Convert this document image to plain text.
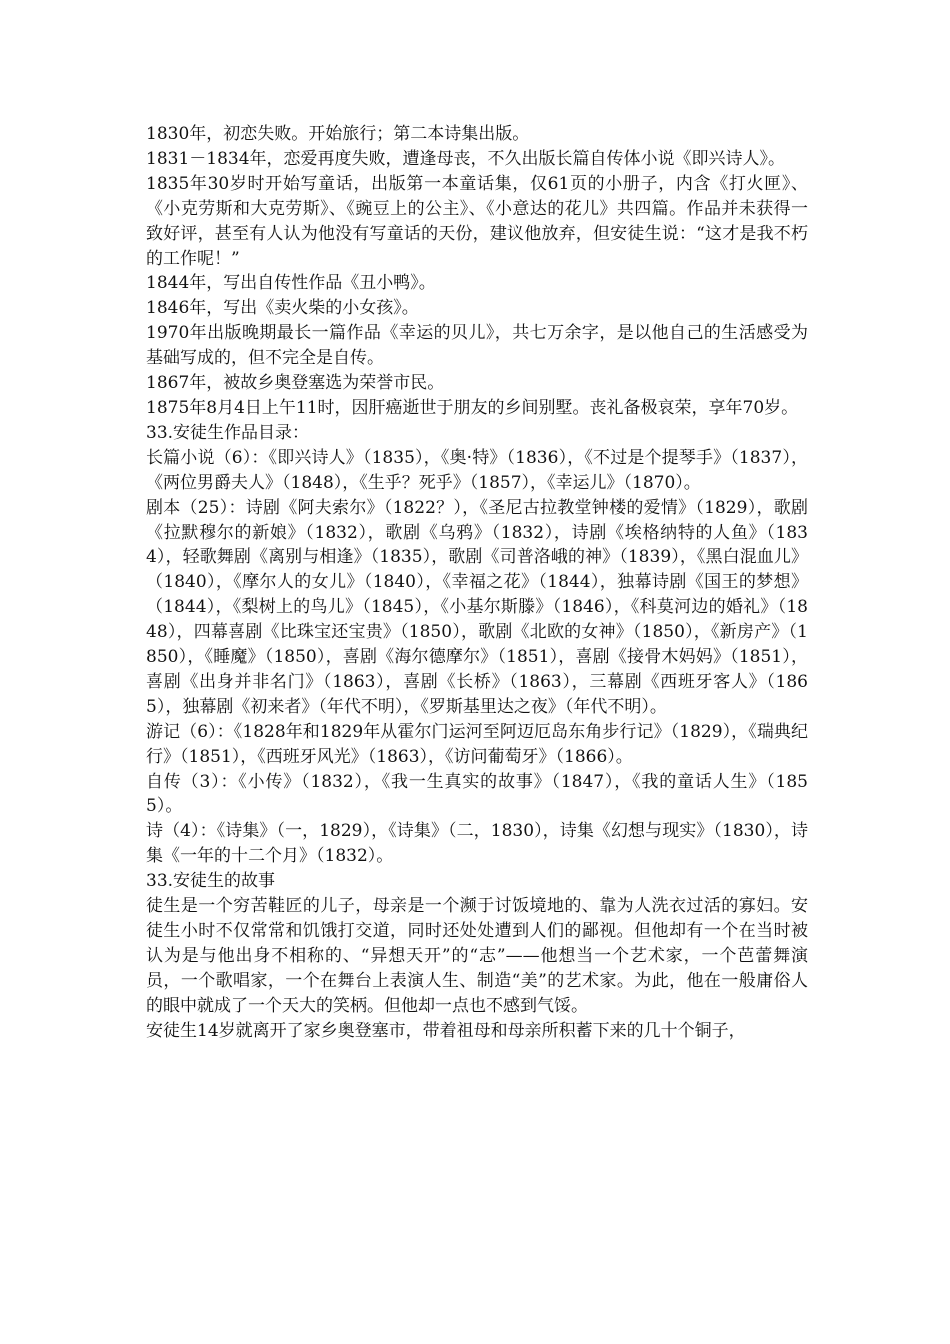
1830年，初恋失败。开始旅行；第二本诗集出版。

1831－1834年，恋爱再度失败，遭逢母丧，不久出版长篇自传体小说《即兴诗人》。

1835年30岁时开始写童话，出版第一本童话集，仅61页的小册子，内含《打火匣》、《小克劳斯和大克劳斯》、《豌豆上的公主》、《小意达的花儿》共四篇。作品并未获得一致好评，甚至有人认为他没有写童话的天份，建议他放弃，但安徒生说：“这才是我不朽的工作呢！”

1844年，写出自传性作品《丑小鸭》。

1846年，写出《卖火柴的小女孩》。

1970年出版晚期最长一篇作品《幸运的贝儿》，共七万余字，是以他自己的生活感受为基础写成的，但不完全是自传。

1867年，被故乡奥登塞选为荣誉市民。

1875年8月4日上午11时，因肝癌逝世于朋友的乡间别墅。丧礼备极哀荣，享年70岁。

33.安徒生作品目录：

长篇小说（6）：《即兴诗人》（1835），《奥·特》（1836），《不过是个提琴手》（1837），《两位男爵夫人》（1848），《生乎？死乎》（1857），《幸运儿》（1870）。

剧本（25）：诗剧《阿夫索尔》（1822？），《圣尼古拉教堂钟楼的爱情》（1829），歌剧《拉默穆尔的新娘》（1832），歌剧《乌鸦》（1832），诗剧《埃格纳特的人鱼》（1834），轻歌舞剧《离别与相逢》（1835），歌剧《司普洛峨的神》（1839），《黑白混血儿》（1840），《摩尔人的女儿》（1840），《幸福之花》（1844），独幕诗剧《国王的梦想》（1844），《梨树上的鸟儿》（1845），《小基尔斯滕》（1846），《科莫河边的婚礼》（1848），四幕喜剧《比珠宝还宝贵》（1850），歌剧《北欧的女神》（1850），《新房产》（1850），《睡魔》（1850），喜剧《海尔德摩尔》（1851），喜剧《接骨木妈妈》（1851），喜剧《出身并非名门》（1863），喜剧《长桥》（1863），三幕剧《西班牙客人》（1865），独幕剧《初来者》（年代不明），《罗斯基里达之夜》（年代不明）。

游记（6）：《1828年和1829年从霍尔门运河至阿迈厄岛东角步行记》（1829），《瑞典纪行》（1851），《西班牙风光》（1863），《访问葡萄牙》（1866）。

自传（3）：《小传》（1832），《我一生真实的故事》（1847），《我的童话人生》（1855）。

诗（4）：《诗集》（一，1829），《诗集》（二，1830），诗集《幻想与现实》（1830），诗集《一年的十二个月》（1832）。

33.安徒生的故事

徒生是一个穷苦鞋匠的儿子，母亲是一个濒于讨饭境地的、靠为人洗衣过活的寡妇。安徒生小时不仅常常和饥饿打交道，同时还处处遭到人们的鄙视。但他却有一个在当时被认为是与他出身不相称的、“异想天开”的“志”——他想当一个艺术家，一个芭蕾舞演员，一个歌唱家，一个在舞台上表演人生、制造“美”的艺术家。为此，他在一般庸俗人的眼中就成了一个天大的笑柄。但他却一点也不感到气馁。

安徒生14岁就离开了家乡奥登塞市，带着祖母和母亲所积蓄下来的几十个铜子，
